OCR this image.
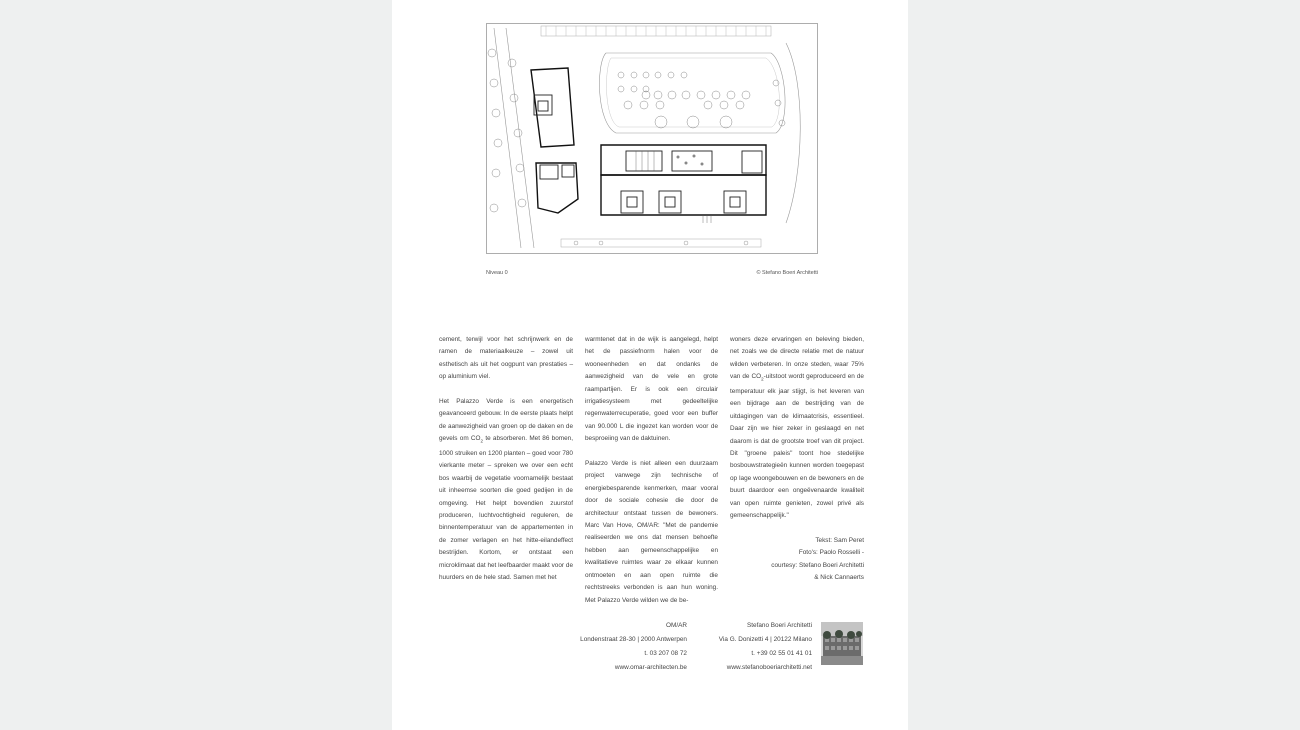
Niveau 0	© Stefano Boeri Architetti

cement, terwijl voor het schrijnwerk en de ramen de materiaalkeuze – zowel uit esthetisch als uit het oogpunt van prestaties – op aluminium viel.

Het Palazzo Verde is een energetisch geavanceerd gebouw. In de eerste plaats helpt de aanwezigheid van groen op de daken en de gevels om $CO_2$ te absorberen. Met 86 bomen, 1000 struiken en 1200 planten – goed voor 780 vierkante meter – spreken we over een echt bos waarbij de vegetatie voornamelijk bestaat uit inheemse soorten die goed gedijen in de omgeving. Het helpt bovendien zuurstof produceren, luchtvochtigheid reguleren, de binnentemperatuur van de appartementen in de zomer verlagen en het hitte-eilandeffect bestrijden. Kortom, er ontstaat een microklimaat dat het leefbaarder maakt voor de huurders en de hele stad. Samen met het

warmtenet dat in de wijk is aangelegd, helpt het de passiefnorm halen voor de wooneenheden en dat ondanks de aanwezigheid van de vele en grote raampartijen. Er is ook een circulair irrigatiesysteem met gedeeltelijke regenwaterrecuperatie, goed voor een buffer van 90.000 L die ingezet kan worden voor de besproeiing van de daktuinen.

Palazzo Verde is niet alleen een duurzaam project vanwege zijn technische of energiebesparende kenmerken, maar vooral door de sociale cohesie die door de architectuur ontstaat tussen de bewoners. Marc Van Hove, OM/AR: "Met de pandemie realiseerden we ons dat mensen behoefte hebben aan gemeenschappelijke en kwalitatieve ruimtes waar ze elkaar kunnen ontmoeten en aan open ruimte die rechtstreeks verbonden is aan hun woning. Met Palazzo Verde wilden we de be-

woners deze ervaringen en beleving bieden, net zoals we de directe relatie met de natuur wilden verbeteren. In onze steden, waar 75% van de $CO_2$-uitstoot wordt geproduceerd en de temperatuur elk jaar stijgt, is het leveren van een bijdrage aan de bestrijding van de uitdagingen van de klimaatcrisis, essentieel. Daar zijn we hier zeker in geslaagd en net daarom is dat de grootste troef van dit project. Dit "groene paleis" toont hoe stedelijke bosbouwstrategieën kunnen worden toegepast op lage woongebouwen en de bewoners en de buurt daardoor een ongeëvenaarde kwaliteit van open ruimte genieten, zowel privé als gemeenschappelijk."

Tekst: Sam Peret
Foto's: Paolo Rosselli -
courtesy: Stefano Boeri Architetti
& Nick Cannaerts
OM/AR
Londenstraat 28-30 | 2000 Antwerpen
t. 03 207 08 72
www.omar-architecten.be
Stefano Boeri Architetti
Via G. Donizetti 4 | 20122 Milano
t. +39 02 55 01 41 01
www.stefanoboeriarchitetti.net
